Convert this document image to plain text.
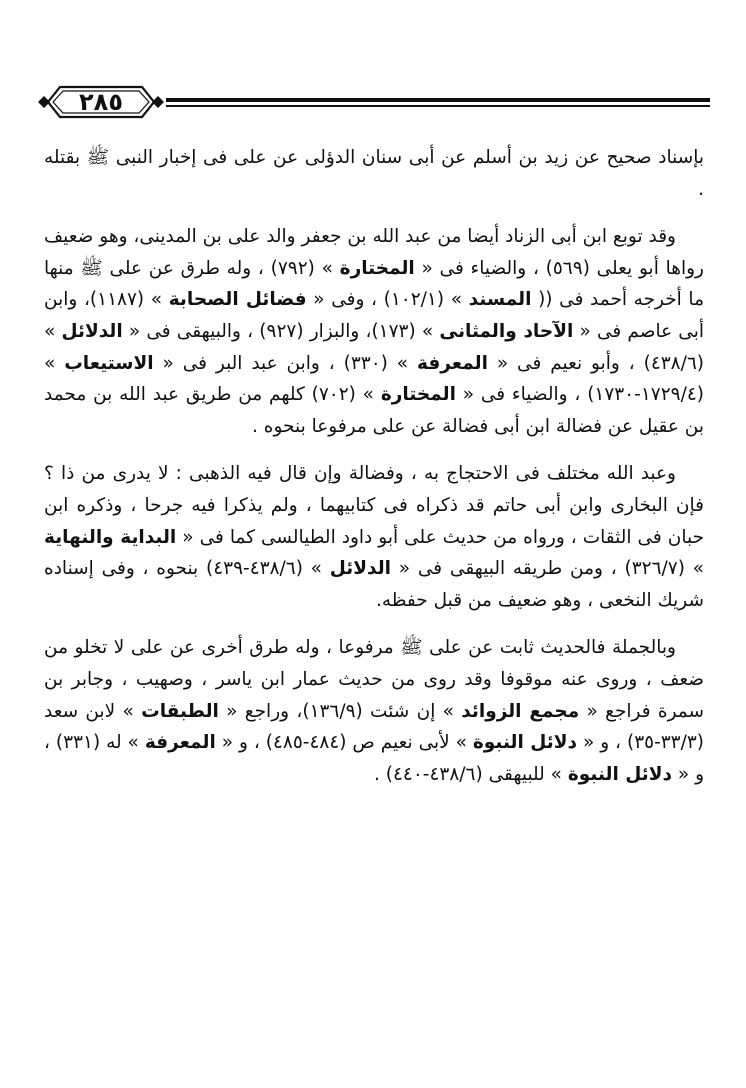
٢٨٥

بإسناد صحيح عن زيد بن أسلم عن أبى سنان الدؤلى عن على فى إخبار النبى ﷺ بقتله .

وقد توبع ابن أبى الزناد أيضا من عبد الله بن جعفر والد على بن المدينى، وهو ضعيف رواها أبو يعلى (٥٦٩) ، والضياء فى « المختارة » (٧٩٢) ، وله طرق عن على ﷺ منها ما أخرجه أحمد فى (( المسند » (١٠٢/١) ، وفى « فضائل الصحابة » (١١٨٧)، وابن أبى عاصم فى « الآحاد والمثانى » (١٧٣)، والبزار (٩٢٧) ، والبيهقى فى « الدلائل » (٤٣٨/٦) ، وأبو نعيم فى « المعرفة » (٣٣٠) ، وابن عبد البر فى « الاستيعاب » (١٧٢٩/٤-١٧٣٠) ، والضياء فى « المختارة » (٧٠٢) كلهم من طريق عبد الله بن محمد بن عقيل عن فضالة ابن أبى فضالة عن على مرفوعا بنحوه .

وعبد الله مختلف فى الاحتجاج به ، وفضالة وإن قال فيه الذهبى : لا يدرى من ذا ؟ فإن البخارى وابن أبى حاتم قد ذكراه فى كتابيهما ، ولم يذكرا فيه جرحا ، وذكره ابن حبان فى الثقات ، ورواه من حديث على أبو داود الطيالسى كما فى « البداية والنهاية » (٣٢٦/٧) ، ومن طريقه البيهقى فى « الدلائل » (٤٣٨/٦-٤٣٩) بنحوه ، وفى إسناده شريك النخعى ، وهو ضعيف من قبل حفظه.

وبالجملة فالحديث ثابت عن على ﷺ مرفوعا ، وله طرق أخرى عن على لا تخلو من ضعف ، وروى عنه موقوفا وقد روى من حديث عمار ابن ياسر ، وصهيب ، وجابر بن سمرة فراجع « مجمع الزوائد » إن شئت (١٣٦/٩)، وراجع « الطبقات » لابن سعد (٣٣/٣-٣٥) ، و « دلائل النبوة » لأبى نعيم ص (٤٨٤-٤٨٥) ، و « المعرفة » له (٣٣١) ، و « دلائل النبوة » للبيهقى (٤٣٨/٦-٤٤٠) .
